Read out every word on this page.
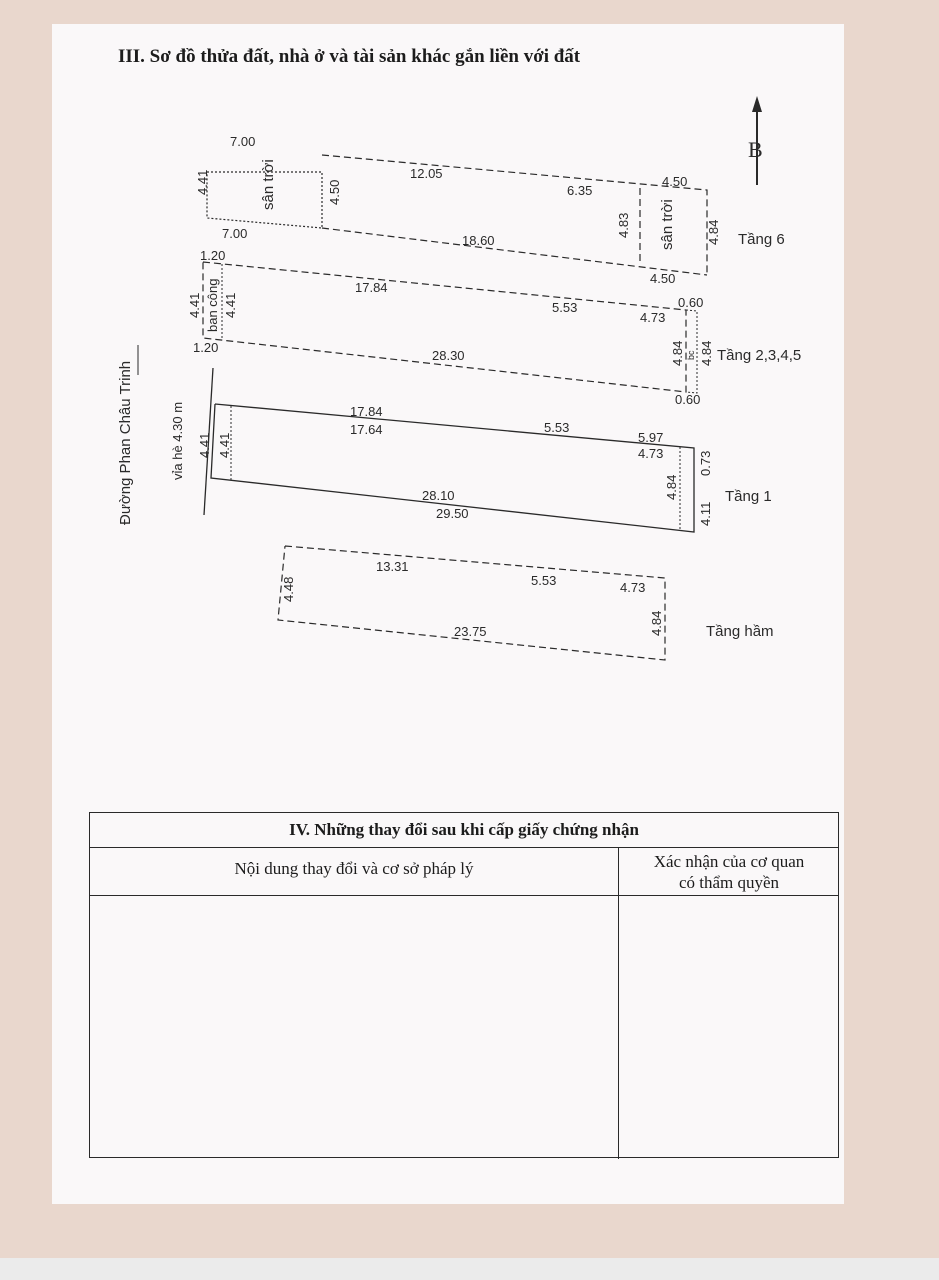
III. Sơ đồ thửa đất, nhà ở và tài sản khác gắn liền với đất
B
Đường Phan Châu Trinh	vỉa hè 4.30 m
7.00
4.41	sân trời	4.50
12.05
6.35
4.50
4.83 sân trời 4.84
7.00	18.60
4.50
Tầng 6
1.20
4.41 ban công 4.41
17.84
5.53
4.73
0.60
4.84 bc 4.84
1.20
28.30
0.60
Tầng 2,3,4,5
17.84
17.64	5.53
5.97
4.73	0.73
4.84
4.11
4.41 4.41
28.10
29.50
Tầng 1
4.48
13.31
5.53	4.73
4.84
23.75	Tầng hầm
IV. Những thay đổi sau khi cấp giấy chứng nhận
Nội dung thay đổi và cơ sở pháp lý	Xác nhận của cơ quan
có thẩm quyền
